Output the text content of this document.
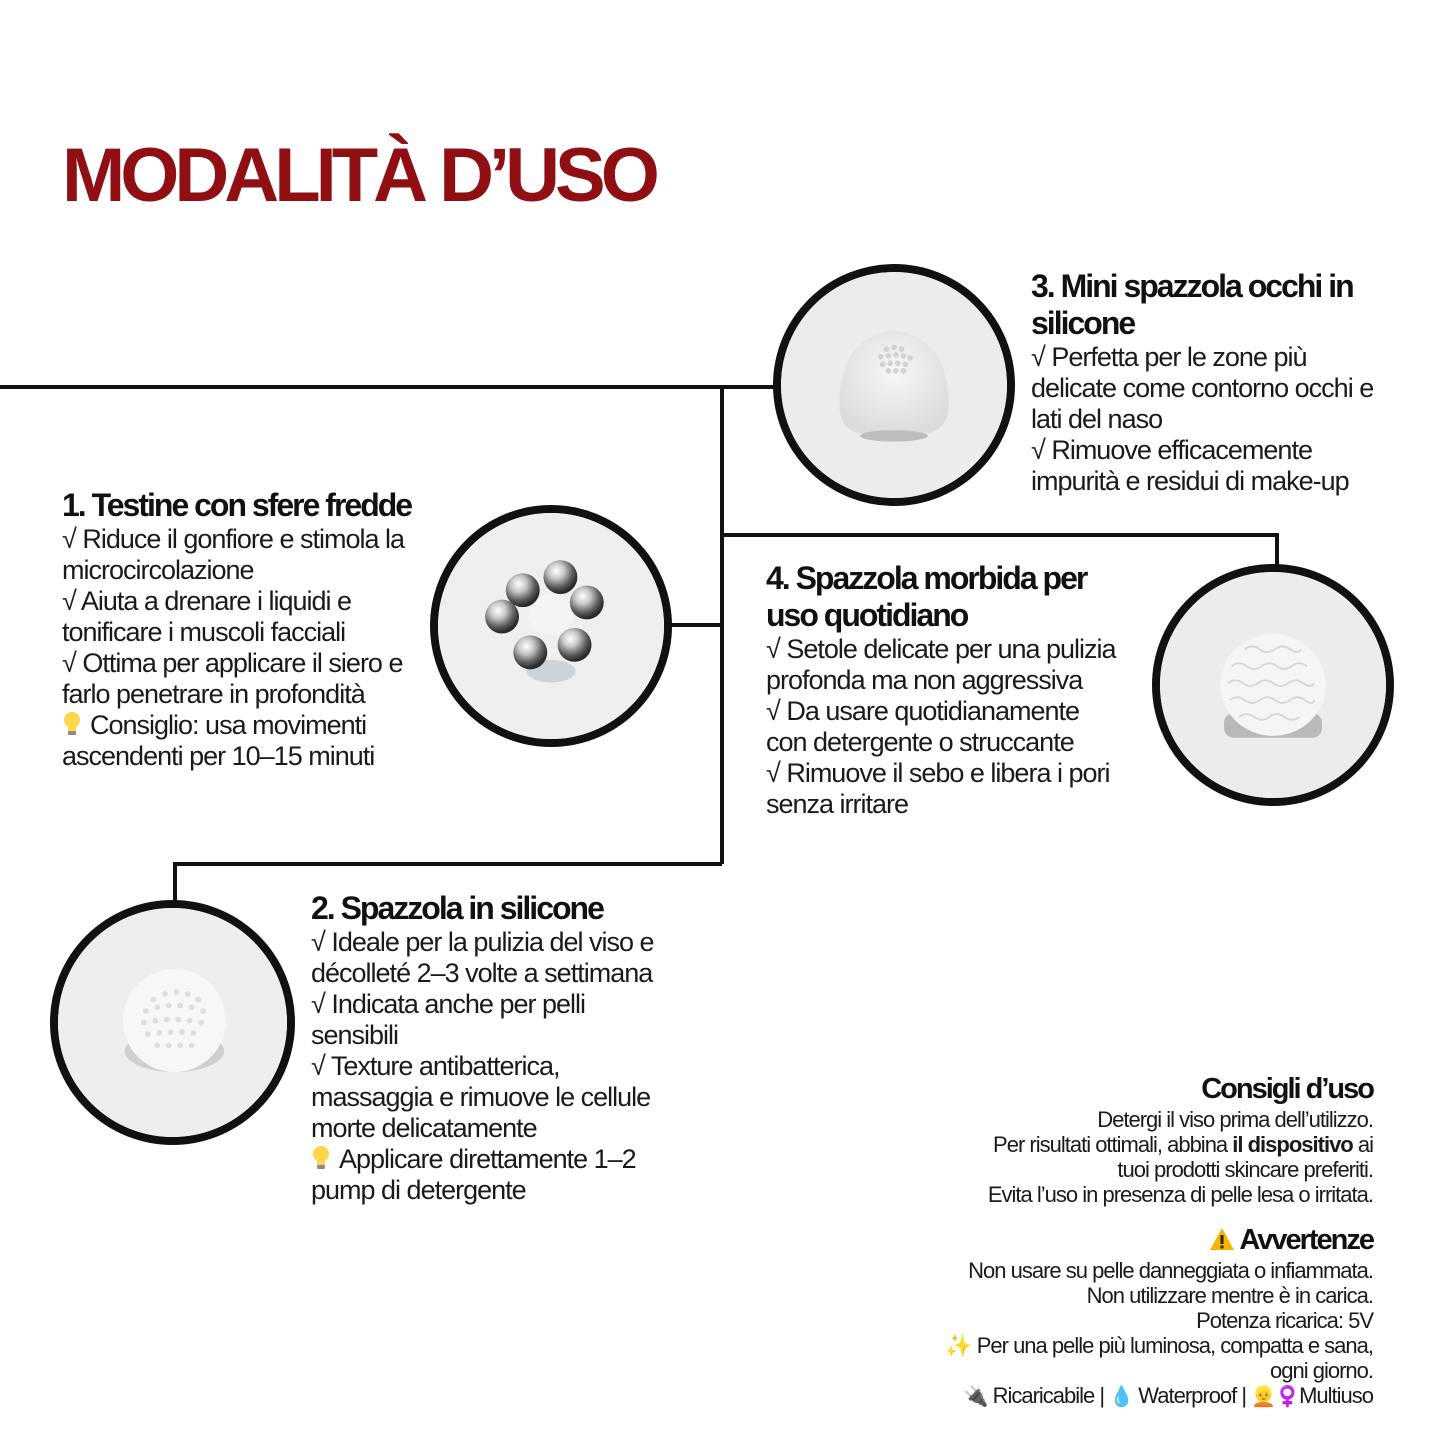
MODALITÀ D’USO
1. Testine con sfere fredde

√ Riduce il gonfiore e stimola la

microcircolazione

√ Aiuta a drenare i liquidi e

tonificare i muscoli facciali

√ Ottima per applicare il siero e

farlo penetrare in profondità

Consiglio: usa movimenti

ascendenti per 10–15 minuti

2. Spazzola in silicone

√ Ideale per la pulizia del viso e

décolleté 2–3 volte a settimana

√ Indicata anche per pelli

sensibili

√ Texture antibatterica,

massaggia e rimuove le cellule

morte delicatamente

Applicare direttamente 1–2

pump di detergente

3. Mini spazzola occhi in
silicone

√ Perfetta per le zone più

delicate come contorno occhi e

lati del naso

√ Rimuove efficacemente

impurità e residui di make-up

4. Spazzola morbida per
uso quotidiano

√ Setole delicate per una pulizia

profonda ma non aggressiva

√ Da usare quotidianamente

con detergente o struccante

√ Rimuove il sebo e libera i pori

senza irritare

Consigli d’uso

Detergi il viso prima dell’utilizzo.

Per risultati ottimali, abbina il dispositivo ai

tuoi prodotti skincare preferiti.

Evita l’uso in presenza di pelle lesa o irritata.

Avvertenze

Non usare su pelle danneggiata o infiammata.

Non utilizzare mentre è in carica.

Potenza ricarica: 5V

✨ Per una pelle più luminosa, compatta e sana,

ogni giorno.

🔌 Ricaricabile | 💧 Waterproof | 👱♀️Multiuso
